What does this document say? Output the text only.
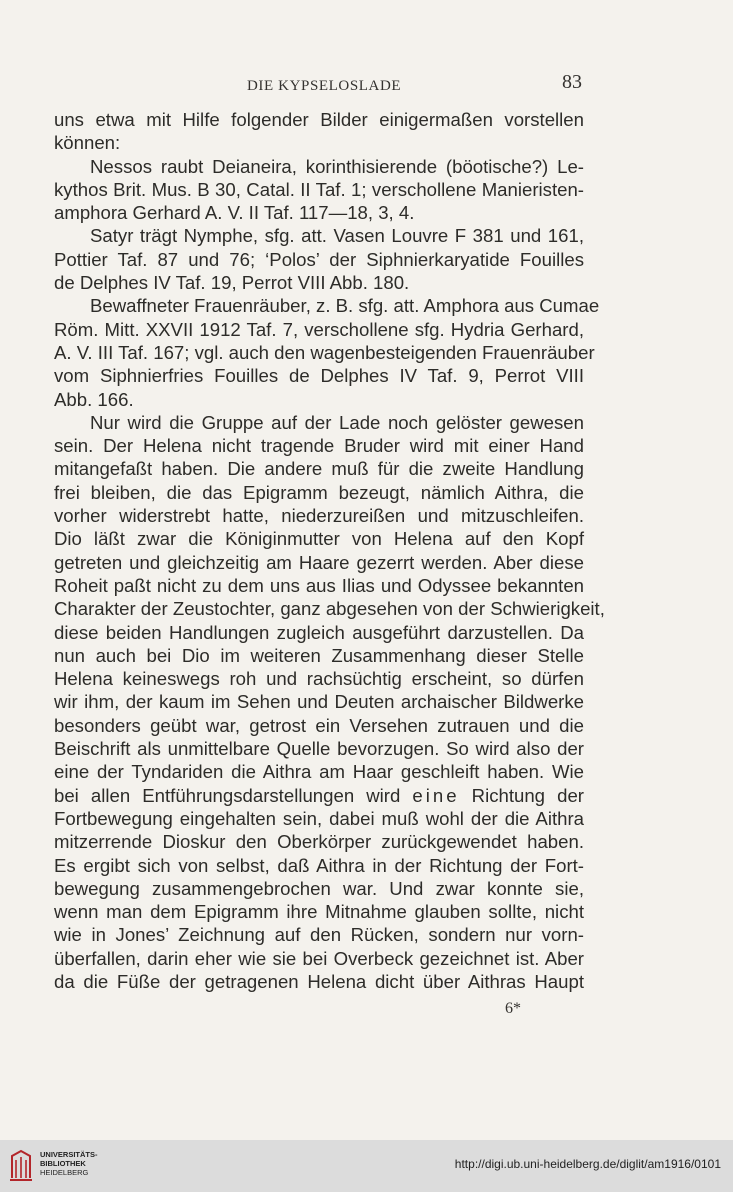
DIE KYPSELOSLADE	83
uns etwa mit Hilfe folgender Bilder einigermaßen vorstellen
können:
Nessos raubt Deianeira, korinthisierende (böotische?) Le-
kythos Brit. Mus. B 30, Catal. II Taf. 1; verschollene Manieristen-
amphora Gerhard A. V. II Taf. 117—18, 3, 4.
Satyr trägt Nymphe, sfg. att. Vasen Louvre F 381 und 161,
Pottier Taf. 87 und 76; ‘Polos’ der Siphnierkaryatide Fouilles
de Delphes IV Taf. 19, Perrot VIII Abb. 180.
Bewaffneter Frauenräuber, z. B. sfg. att. Amphora aus Cumae
Röm. Mitt. XXVII 1912 Taf. 7, verschollene sfg. Hydria Gerhard,
A. V. III Taf. 167; vgl. auch den wagenbesteigenden Frauenräuber
vom Siphnierfries Fouilles de Delphes IV Taf. 9, Perrot VIII
Abb. 166.
Nur wird die Gruppe auf der Lade noch gelöster gewesen
sein. Der Helena nicht tragende Bruder wird mit einer Hand
mitangefaßt haben. Die andere muß für die zweite Handlung
frei bleiben, die das Epigramm bezeugt, nämlich Aithra, die
vorher widerstrebt hatte, niederzureißen und mitzuschleifen.
Dio läßt zwar die Königinmutter von Helena auf den Kopf
getreten und gleichzeitig am Haare gezerrt werden. Aber diese
Roheit paßt nicht zu dem uns aus Ilias und Odyssee bekannten
Charakter der Zeustochter, ganz abgesehen von der Schwierigkeit,
diese beiden Handlungen zugleich ausgeführt darzustellen. Da
nun auch bei Dio im weiteren Zusammenhang dieser Stelle
Helena keineswegs roh und rachsüchtig erscheint, so dürfen
wir ihm, der kaum im Sehen und Deuten archaischer Bildwerke
besonders geübt war, getrost ein Versehen zutrauen und die
Beischrift als unmittelbare Quelle bevorzugen. So wird also der
eine der Tyndariden die Aithra am Haar geschleift haben. Wie
bei allen Entführungsdarstellungen wird eine Richtung der
Fortbewegung eingehalten sein, dabei muß wohl der die Aithra
mitzerrende Dioskur den Oberkörper zurückgewendet haben.
Es ergibt sich von selbst, daß Aithra in der Richtung der Fort-
bewegung zusammengebrochen war. Und zwar konnte sie,
wenn man dem Epigramm ihre Mitnahme glauben sollte, nicht
wie in Jones’ Zeichnung auf den Rücken, sondern nur vorn-
überfallen, darin eher wie sie bei Overbeck gezeichnet ist. Aber
da die Füße der getragenen Helena dicht über Aithras Haupt
6*
UNIVERSITÄTS-
BIBLIOTHEK
HEIDELBERG
http://digi.ub.uni-heidelberg.de/diglit/am1916/0101
